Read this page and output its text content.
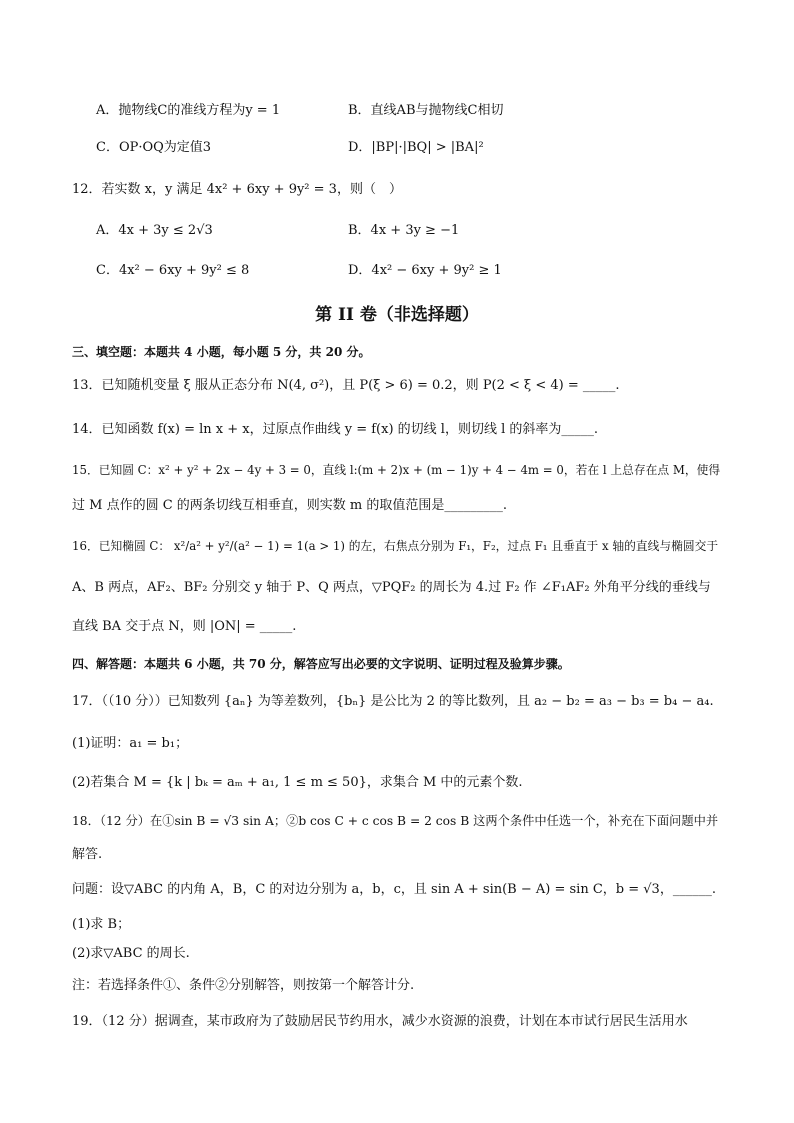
A．抛物线C的准线方程为y = 1	B．直线AB与抛物线C相切
C．OP·OQ为定值3	D．|BP|·|BQ| > |BA|²
12．若实数 x，y 满足 4x² + 6xy + 9y² = 3，则（　）
A．4x + 3y ≤ 2√3	B．4x + 3y ≥ −1
C．4x² − 6xy + 9y² ≤ 8	D．4x² − 6xy + 9y² ≥ 1
第 II 卷（非选择题）
三、填空题：本题共 4 小题，每小题 5 分，共 20 分。
13．已知随机变量 ξ 服从正态分布 N(4, σ²)，且 P(ξ > 6) = 0.2，则 P(2 < ξ < 4) = _____.
14．已知函数 f(x) = ln x + x，过原点作曲线 y = f(x) 的切线 l，则切线 l 的斜率为_____.
15．已知圆 C：x² + y² + 2x − 4y + 3 = 0，直线 l:(m + 2)x + (m − 1)y + 4 − 4m = 0，若在 l 上总存在点 M，使得
过 M 点作的圆 C 的两条切线互相垂直，则实数 m 的取值范围是_________.
16．已知椭圆 C： x²/a² + y²/(a² − 1) = 1(a > 1) 的左，右焦点分别为 F₁，F₂，过点 F₁ 且垂直于 x 轴的直线与椭圆交于
A、B 两点，AF₂、BF₂ 分别交 y 轴于 P、Q 两点，▽PQF₂ 的周长为 4.过 F₂ 作 ∠F₁AF₂ 外角平分线的垂线与
直线 BA 交于点 N，则 |ON| = _____.
四、解答题：本题共 6 小题，共 70 分，解答应写出必要的文字说明、证明过程及验算步骤。
17．（（10 分））已知数列 {aₙ} 为等差数列，{bₙ} 是公比为 2 的等比数列，且 a₂ − b₂ = a₃ − b₃ = b₄ − a₄.
(1)证明：a₁ = b₁；
(2)若集合 M = {k | bₖ = aₘ + a₁, 1 ≤ m ≤ 50}，求集合 M 中的元素个数.
18．（12 分）在①sin B = √3 sin A；②b cos C + c cos B = 2 cos B 这两个条件中任选一个，补充在下面问题中并
解答.
问题：设▽ABC 的内角 A，B，C 的对边分别为 a，b，c，且 sin A + sin(B − A) = sin C，b = √3，______.
(1)求 B；
(2)求▽ABC 的周长.
注：若选择条件①、条件②分别解答，则按第一个解答计分.
19．（12 分）据调查，某市政府为了鼓励居民节约用水，减少水资源的浪费，计划在本市试行居民生活用水
